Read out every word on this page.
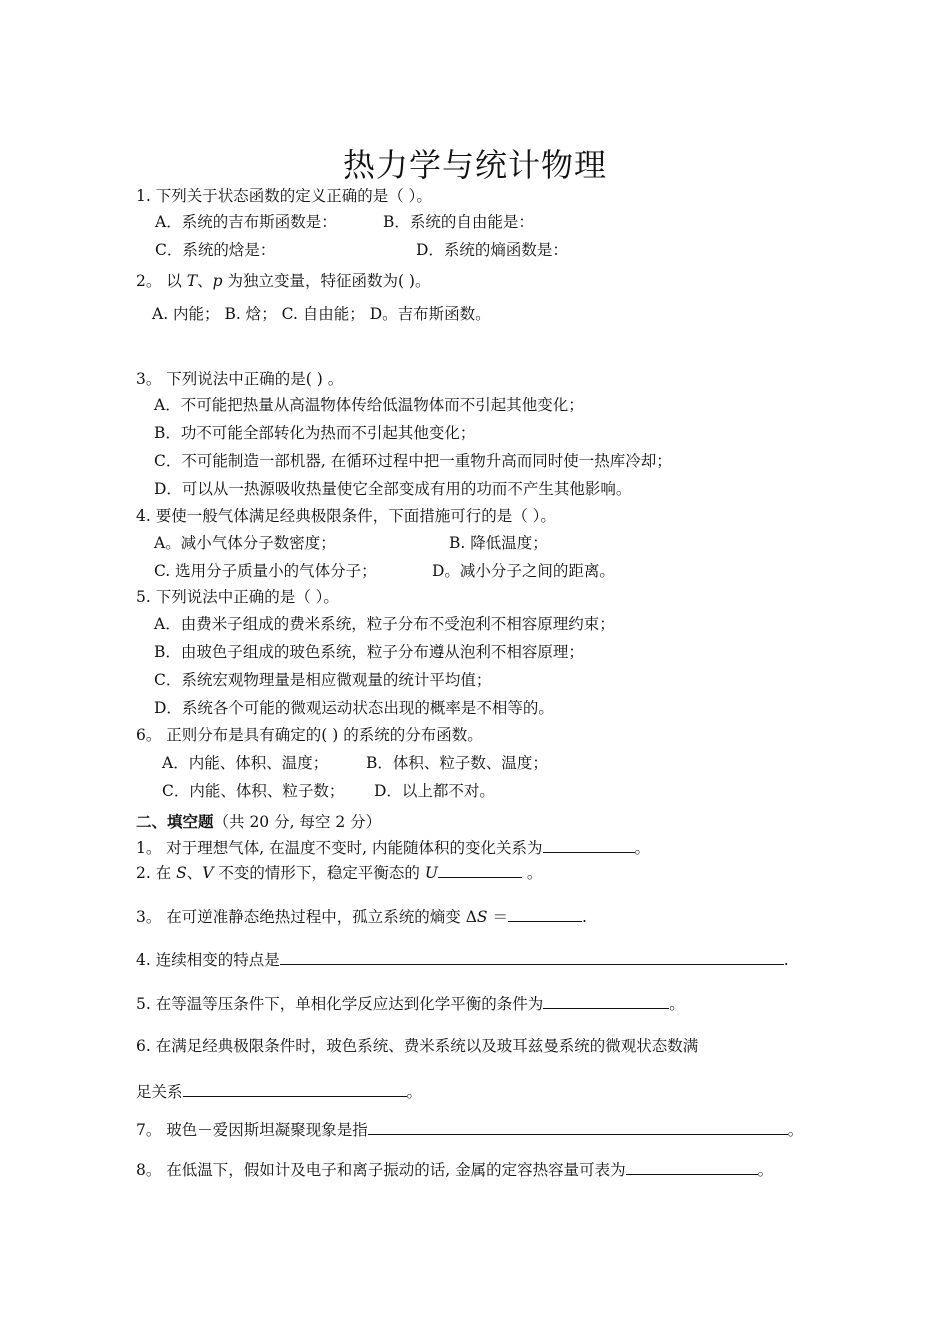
热力学与统计物理
1. 下列关于状态函数的定义正确的是（ ）。
A．系统的吉布斯函数是：	B．系统的自由能是：
C．系统的焓是：	D．系统的熵函数是：
2。 以 T、p 为独立变量，特征函数为( )。
A. 内能； B. 焓； C. 自由能； D。吉布斯函数。
3。 下列说法中正确的是( ) 。
A．不可能把热量从高温物体传给低温物体而不引起其他变化；
B．功不可能全部转化为热而不引起其他变化；
C．不可能制造一部机器, 在循环过程中把一重物升高而同时使一热库冷却；
D．可以从一热源吸收热量使它全部变成有用的功而不产生其他影响。
4. 要使一般气体满足经典极限条件，下面措施可行的是（ ）。
A。减小气体分子数密度；	B. 降低温度；
C. 选用分子质量小的气体分子；	D。减小分子之间的距离。
5. 下列说法中正确的是（ ）。
A．由费米子组成的费米系统，粒子分布不受泡利不相容原理约束；
B．由玻色子组成的玻色系统，粒子分布遵从泡利不相容原理；
C．系统宏观物理量是相应微观量的统计平均值；
D．系统各个可能的微观运动状态出现的概率是不相等的。
6。 正则分布是具有确定的( ) 的系统的分布函数。
A．内能、体积、温度； B．体积、粒子数、温度；
C．内能、体积、粒子数； D．以上都不对。
二、填空题（共 20 分, 每空 2 分）
1。 对于理想气体, 在温度不变时, 内能随体积的变化关系为	。
2. 在 S、V 不变的情形下，稳定平衡态的 U	。
3。 在可逆准静态绝热过程中，孤立系统的熵变 ΔS ＝	.
4. 连续相变的特点是	.
5. 在等温等压条件下，单相化学反应达到化学平衡的条件为	。
6. 在满足经典极限条件时，玻色系统、费米系统以及玻耳兹曼系统的微观状态数满
足关系	。
7。 玻色－爱因斯坦凝聚现象是指	。
8。 在低温下，假如计及电子和离子振动的话, 金属的定容热容量可表为	。
